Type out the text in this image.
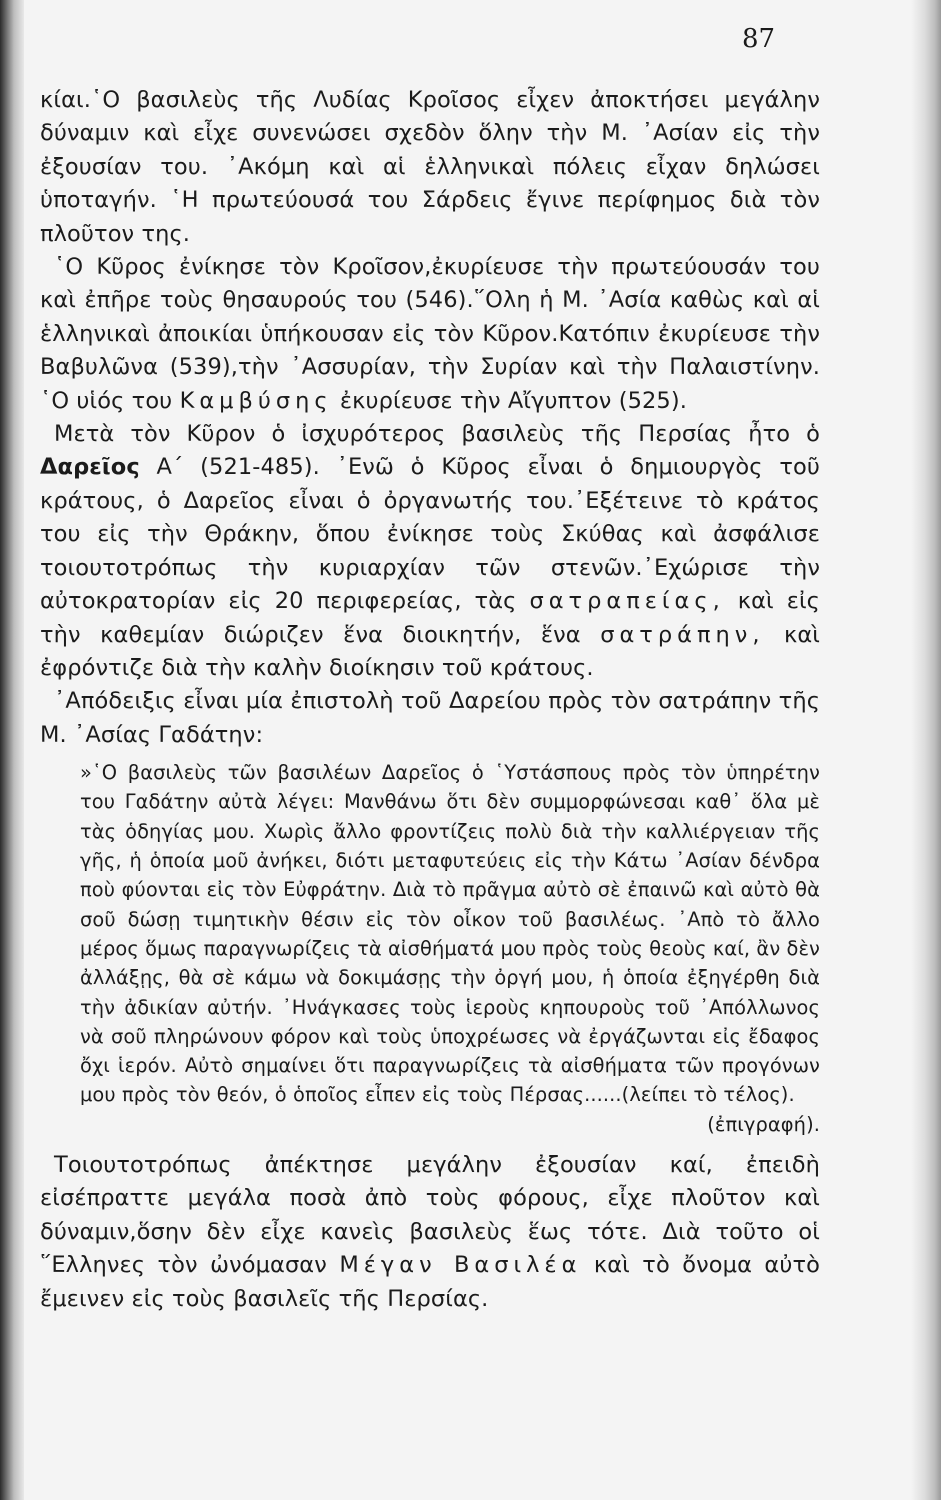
87

κίαι.῾Ο βασιλεὺς τῆς Λυδίας Κροῖσος εἶχεν ἀποκτήσει μεγάλην δύναμιν καὶ εἶχε συνενώσει σχεδὸν ὅλην τὴν Μ. ᾿Ασίαν εἰς τὴν ἐξουσίαν του. ᾿Ακόμη καὶ αἱ ἑλληνικαὶ πόλεις εἶχαν δηλώσει ὑποταγήν. ῾Η πρωτεύουσά του Σάρδεις ἔγινε περίφημος διὰ τὸν πλοῦτον της.

῾Ο Κῦρος ἐνίκησε τὸν Κροῖσον,ἐκυρίευσε τὴν πρωτεύουσάν του καὶ ἐπῆρε τοὺς θησαυρούς του (546).῞Ολη ἡ Μ. ᾿Ασία καθὼς καὶ αἱ ἑλληνικαὶ ἀποικίαι ὑπήκουσαν εἰς τὸν Κῦρον.Κατόπιν ἐκυρίευσε τὴν Βαβυλῶνα (539),τὴν ᾿Ασσυρίαν, τὴν Συρίαν καὶ τὴν Παλαιστίνην. ῾Ο υἱός του Καμβύσης ἐκυρίευσε τὴν Αἴγυπτον (525).

Μετὰ τὸν Κῦρον ὁ ἰσχυρότερος βασιλεὺς τῆς Περσίας ἦτο ὁ Δαρεῖος Α΄ (521-485). ᾿Ενῶ ὁ Κῦρος εἶναι ὁ δημιουργὸς τοῦ κράτους, ὁ Δαρεῖος εἶναι ὁ ὀργανωτής του.᾿Εξέτεινε τὸ κράτος του εἰς τὴν Θράκην, ὅπου ἐνίκησε τοὺς Σκύθας καὶ ἀσφάλισε τοιουτοτρόπως τὴν κυριαρχίαν τῶν στενῶν.᾿Εχώρισε τὴν αὐτοκρατορίαν εἰς 20 περιφερείας, τὰς σατραπείας, καὶ εἰς τὴν καθεμίαν διώριζεν ἕνα διοικητήν, ἕνα σατράπην, καὶ ἐφρόντιζε διὰ τὴν καλὴν διοίκησιν τοῦ κράτους.

᾿Απόδειξις εἶναι μία ἐπιστολὴ τοῦ Δαρείου πρὸς τὸν σατράπην τῆς Μ. ᾿Ασίας Γαδάτην:

»῾Ο βασιλεὺς τῶν βασιλέων Δαρεῖος ὁ ῾Υστάσπους πρὸς τὸν ὑπηρέτην του Γαδάτην αὐτὰ λέγει: Μανθάνω ὅτι δὲν συμμορφώνεσαι καθ᾿ ὅλα μὲ τὰς ὁδηγίας μου. Χωρὶς ἄλλο φροντίζεις πολὺ διὰ τὴν καλλιέργειαν τῆς γῆς, ἡ ὁποία μοῦ ἀνήκει, διότι μεταφυτεύεις εἰς τὴν Κάτω ᾿Ασίαν δένδρα ποὺ φύονται εἰς τὸν Εὐφράτην. Διὰ τὸ πρᾶγμα αὐτὸ σὲ ἐπαινῶ καὶ αὐτὸ θὰ σοῦ δώσῃ τιμητικὴν θέσιν εἰς τὸν οἶκον τοῦ βασιλέως. ᾿Απὸ τὸ ἄλλο μέρος ὅμως παραγνωρίζεις τὰ αἰσθήματά μου πρὸς τοὺς θεοὺς καί, ἂν δὲν ἀλλάξῃς, θὰ σὲ κάμω νὰ δοκιμάσῃς τὴν ὀργή μου, ἡ ὁποία ἐξηγέρθη διὰ τὴν ἀδικίαν αὐτήν. ᾿Ηνάγκασες τοὺς ἱεροὺς κηπουροὺς τοῦ ᾿Απόλλωνος νὰ σοῦ πληρώνουν φόρον καὶ τοὺς ὑποχρέωσες νὰ ἐργάζωνται εἰς ἔδαφος ὄχι ἱερόν. Αὐτὸ σημαίνει ὅτι παραγνωρίζεις τὰ αἰσθήματα τῶν προγόνων μου πρὸς τὸν θεόν, ὁ ὁποῖος εἶπεν εἰς τοὺς Πέρσας......(λείπει τὸ τέλος).
(ἐπιγραφή).

Τοιουτοτρόπως ἀπέκτησε μεγάλην ἐξουσίαν καί, ἐπειδὴ εἰσέπραττε μεγάλα ποσὰ ἀπὸ τοὺς φόρους, εἶχε πλοῦτον καὶ δύναμιν,ὅσην δὲν εἶχε κανεὶς βασιλεὺς ἕως τότε. Διὰ τοῦτο οἱ ῞Ελληνες τὸν ὠνόμασαν Μέγαν Βασιλέα καὶ τὸ ὄνομα αὐτὸ ἔμεινεν εἰς τοὺς βασιλεῖς τῆς Περσίας.
